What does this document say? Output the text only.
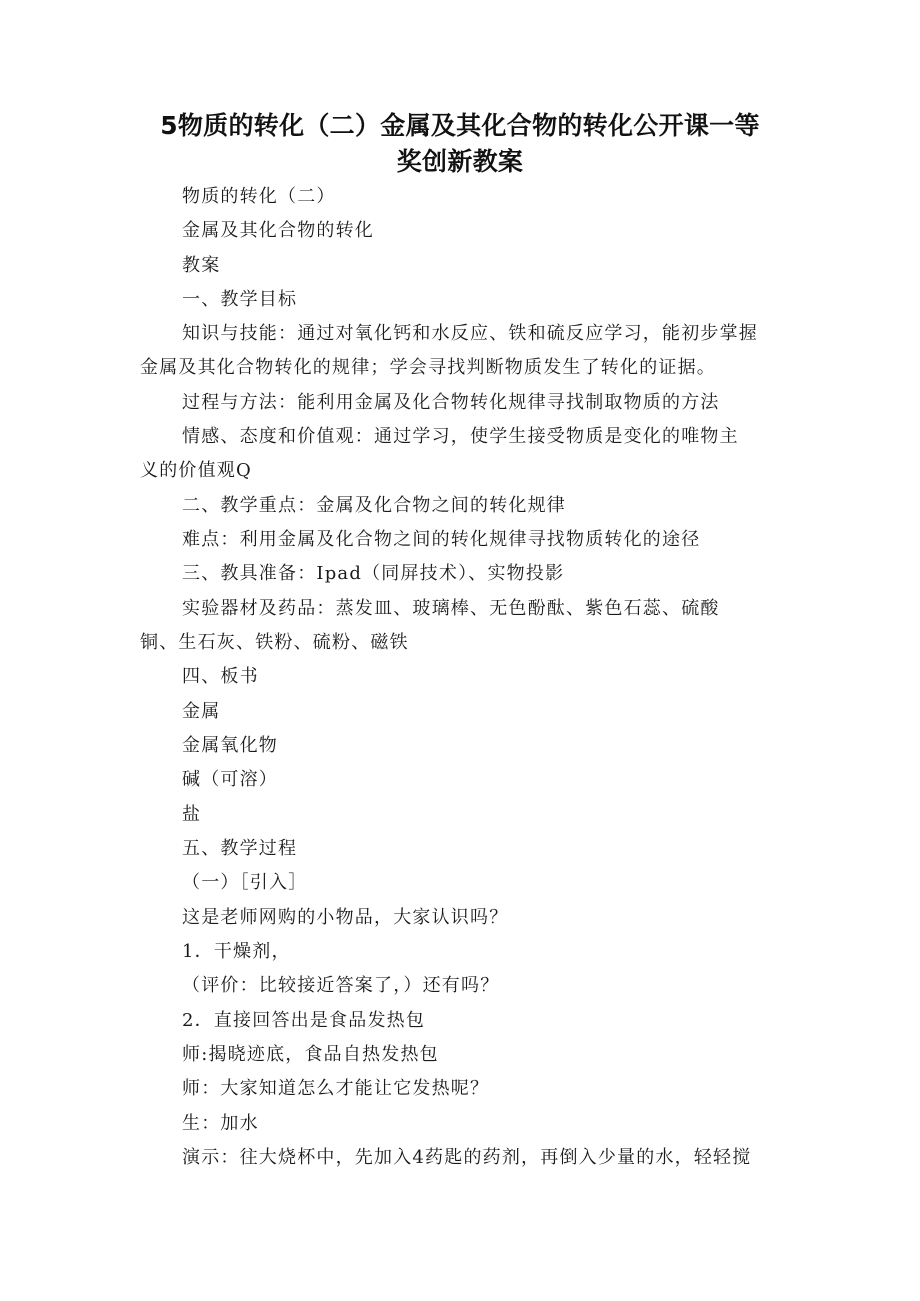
5物质的转化（二）金属及其化合物的转化公开课一等
奖创新教案
物质的转化（二）
金属及其化合物的转化
教案
一、教学目标
知识与技能：通过对氧化钙和水反应、铁和硫反应学习，能初步掌握
金属及其化合物转化的规律；学会寻找判断物质发生了转化的证据。
过程与方法：能利用金属及化合物转化规律寻找制取物质的方法
情感、态度和价值观：通过学习，使学生接受物质是变化的唯物主
义的价值观Q
二、教学重点：金属及化合物之间的转化规律
难点：利用金属及化合物之间的转化规律寻找物质转化的途径
三、教具准备：Ipad（同屏技术）、实物投影
实验器材及药品：蒸发皿、玻璃棒、无色酚酞、紫色石蕊、硫酸
铜、生石灰、铁粉、硫粉、磁铁
四、板书
金属
金属氧化物
碱（可溶）
盐
五、教学过程
（一）［引入］
这是老师网购的小物品，大家认识吗？
1．干燥剂，
（评价：比较接近答案了，）还有吗？
2．直接回答出是食品发热包
师:揭晓迹底，食品自热发热包
师：大家知道怎么才能让它发热呢？
生：加水
演示：往大烧杯中，先加入4药匙的药剂，再倒入少量的水，轻轻搅
